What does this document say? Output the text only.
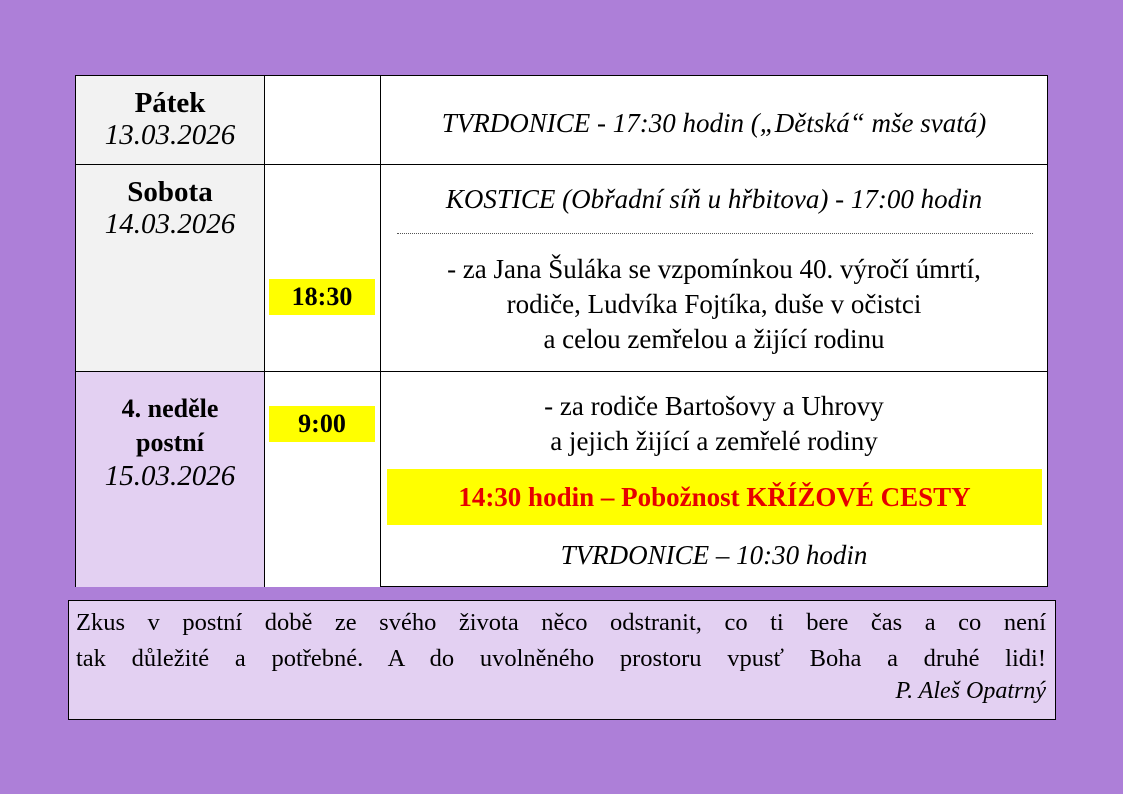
Pátek
13.03.2026	TVRDONICE - 17:30 hodin („Dětská“ mše svatá)
Sobota
14.03.2026
18:30
KOSTICE (Obřadní síň u hřbitova) - 17:00 hodin
- za Jana Šuláka se vzpomínkou 40. výročí úmrtí,
rodiče, Ludvíka Fojtíka, duše v očistci
a celou zemřelou a žijící rodinu
4. neděle
postní
15.03.2026
9:00
- za rodiče Bartošovy a Uhrovy
a jejich žijící a zemřelé rodiny
14:30 hodin – Pobožnost KŘÍŽOVÉ CESTY
TVRDONICE – 10:30 hodin

Zkus v postní době ze svého života něco odstranit, co ti bere čas a co není

tak důležité a potřebné. A do uvolněného prostoru vpusť Boha a druhé lidi!

P. Aleš Opatrný
